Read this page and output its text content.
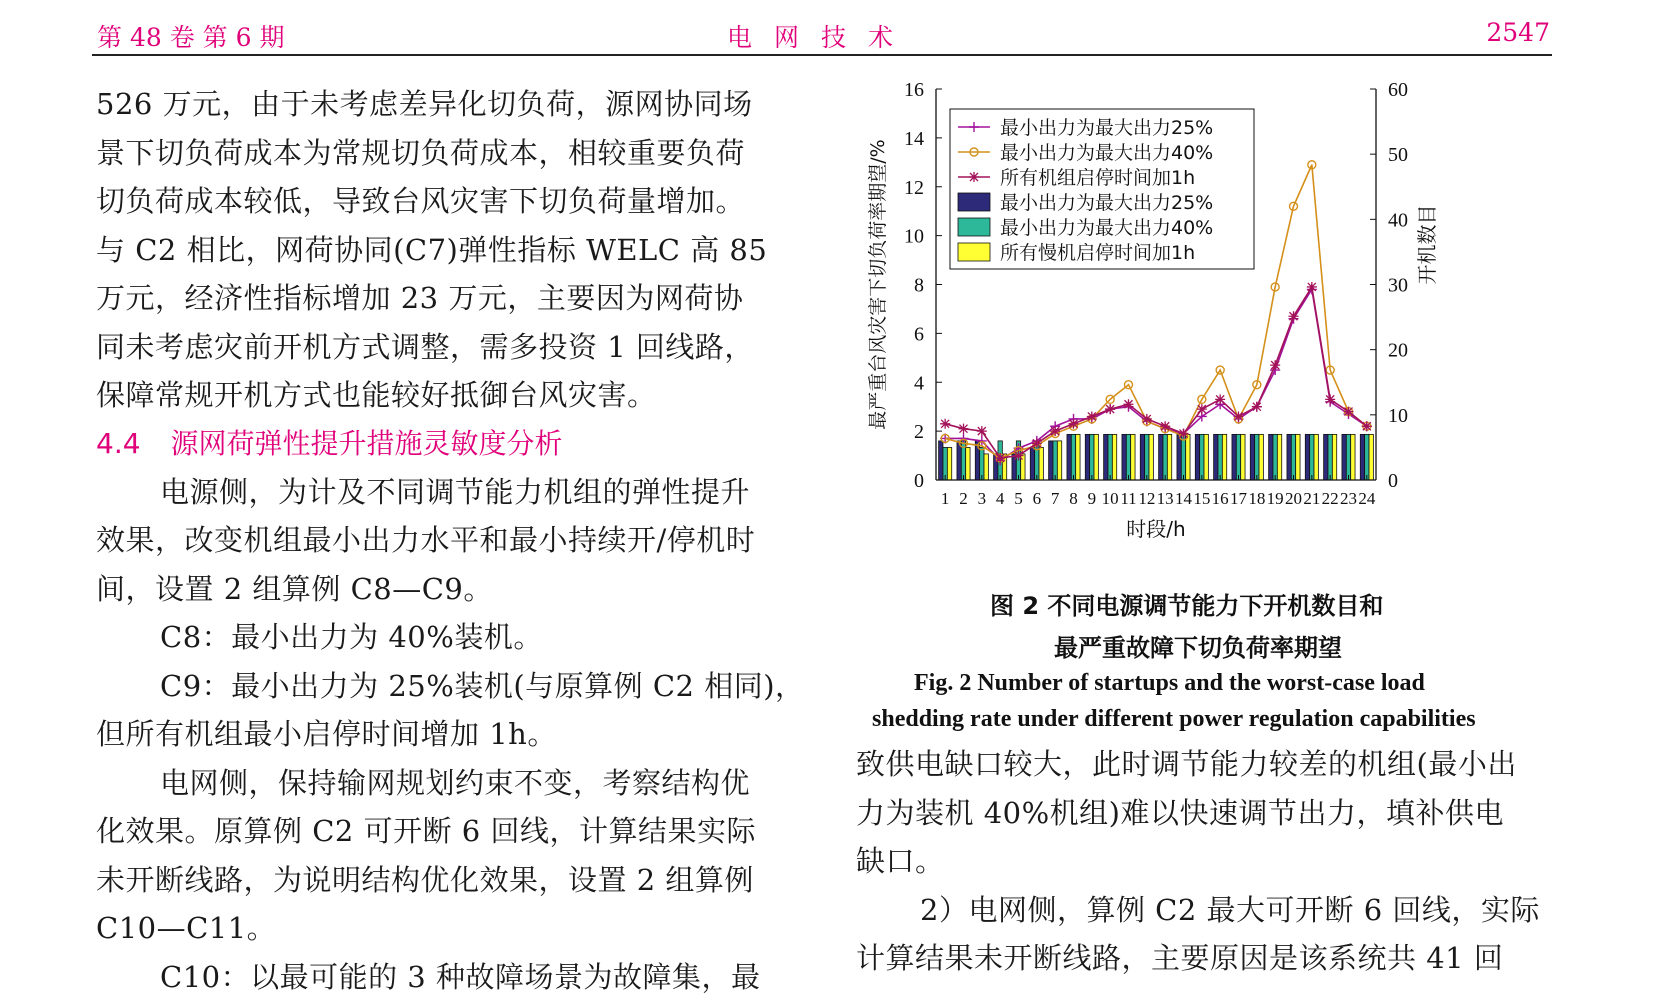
第 48 卷 第 6 期	电网技术	2547

526 万元，由于未考虑差异化切负荷，源网协同场

景下切负荷成本为常规切负荷成本，相较重要负荷

切负荷成本较低，导致台风灾害下切负荷量增加。

与 C2 相比，网荷协同(C7)弹性指标 WELC 高 85

万元，经济性指标增加 23 万元，主要因为网荷协

同未考虑灾前开机方式调整，需多投资 1 回线路，

保障常规开机方式也能较好抵御台风灾害。

4.4 源网荷弹性提升措施灵敏度分析

电源侧，为计及不同调节能力机组的弹性提升

效果，改变机组最小出力水平和最小持续开/停机时

间，设置 2 组算例 C8—C9。

C8：最小出力为 40%装机。

C9：最小出力为 25%装机(与原算例 C2 相同)，

但所有机组最小启停时间增加 1h。

电网侧，保持输网规划约束不变，考察结构优

化效果。原算例 C2 可开断 6 回线，计算结果实际

未开断线路，为说明结构优化效果，设置 2 组算例

C10—C11。

C10：以最可能的 3 种故障场景为故障集，最

0
2
4
6
8
10
12
14
16
0
10
20
30
40
50
60
1 2 3 4 5 6 7 8 9 10 11 12 13 14 15 16 17 18 19 20 21 22 23 24
时段/h
最严重台风灾害下切负荷率期望/%	开机数目
最小出力为最大出力25%
最小出力为最大出力40%
所有机组启停时间加1h
最小出力为最大出力25%
最小出力为最大出力40%
所有慢机启停时间加1h
图 2 不同电源调节能力下开机数目和
最严重故障下切负荷率期望
Fig. 2 Number of startups and the worst-case load
shedding rate under different power regulation capabilities

致供电缺口较大，此时调节能力较差的机组(最小出

力为装机 40%机组)难以快速调节出力，填补供电

缺口。

2）电网侧，算例 C2 最大可开断 6 回线，实际

计算结果未开断线路，主要原因是该系统共 41 回
